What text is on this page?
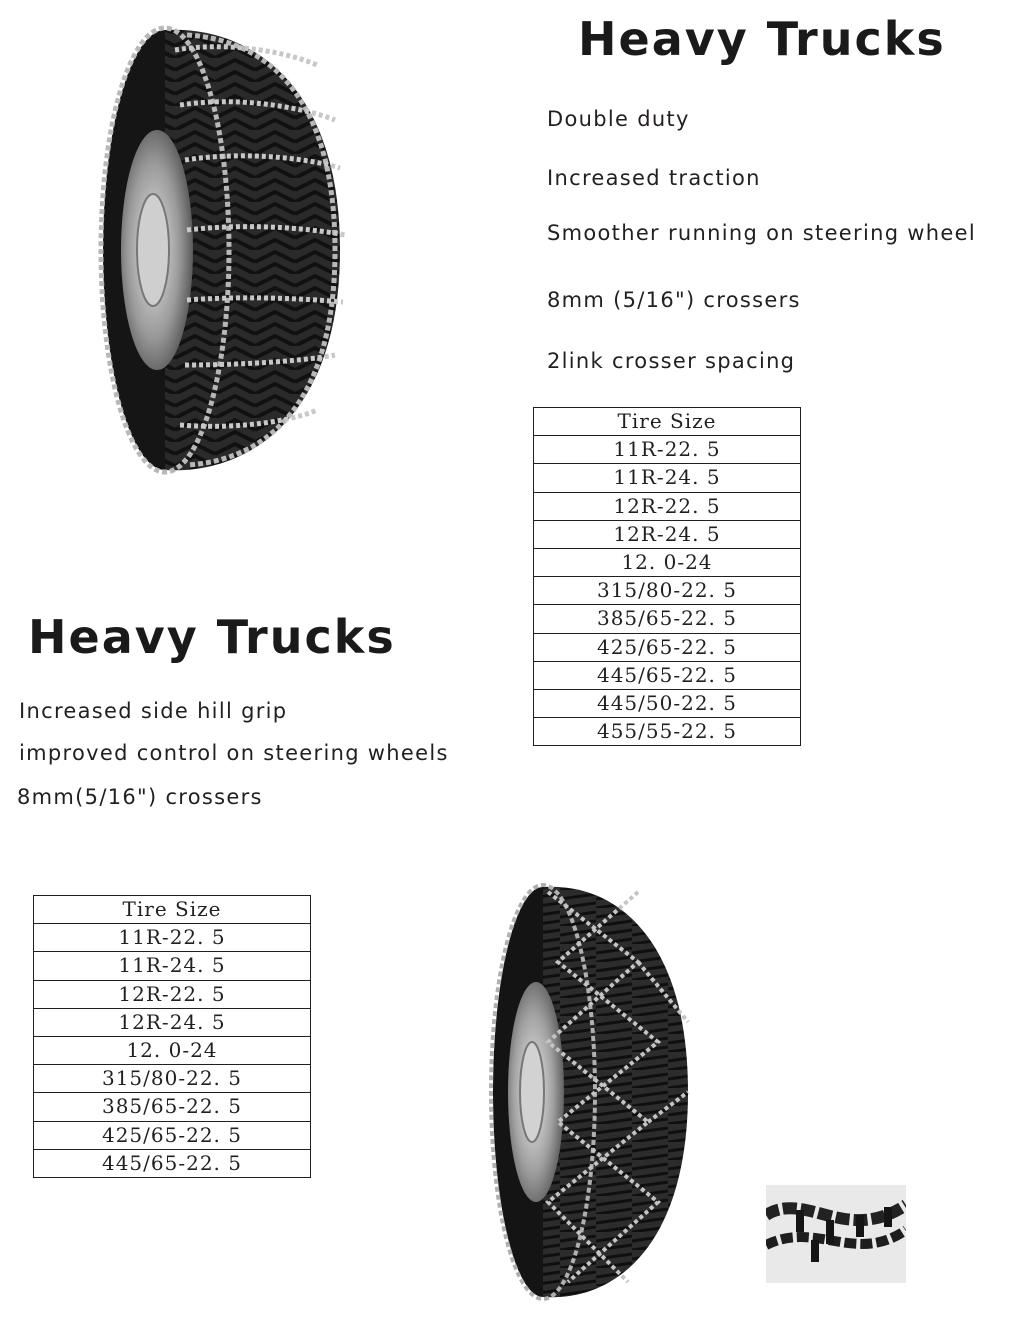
Heavy Trucks

Double duty

Increased traction

Smoother running on steering wheel

8mm (5/16") crossers

2link crosser spacing

Tire Size
11R-22. 5
11R-24. 5
12R-22. 5
12R-24. 5
12. 0-24
315/80-22. 5
385/65-22. 5
425/65-22. 5
445/65-22. 5
445/50-22. 5
455/55-22. 5
Heavy Trucks

Increased side hill grip

improved control on steering wheels

8mm(5/16") crossers

Tire Size
11R-22. 5
11R-24. 5
12R-22. 5
12R-24. 5
12. 0-24
315/80-22. 5
385/65-22. 5
425/65-22. 5
445/65-22. 5
